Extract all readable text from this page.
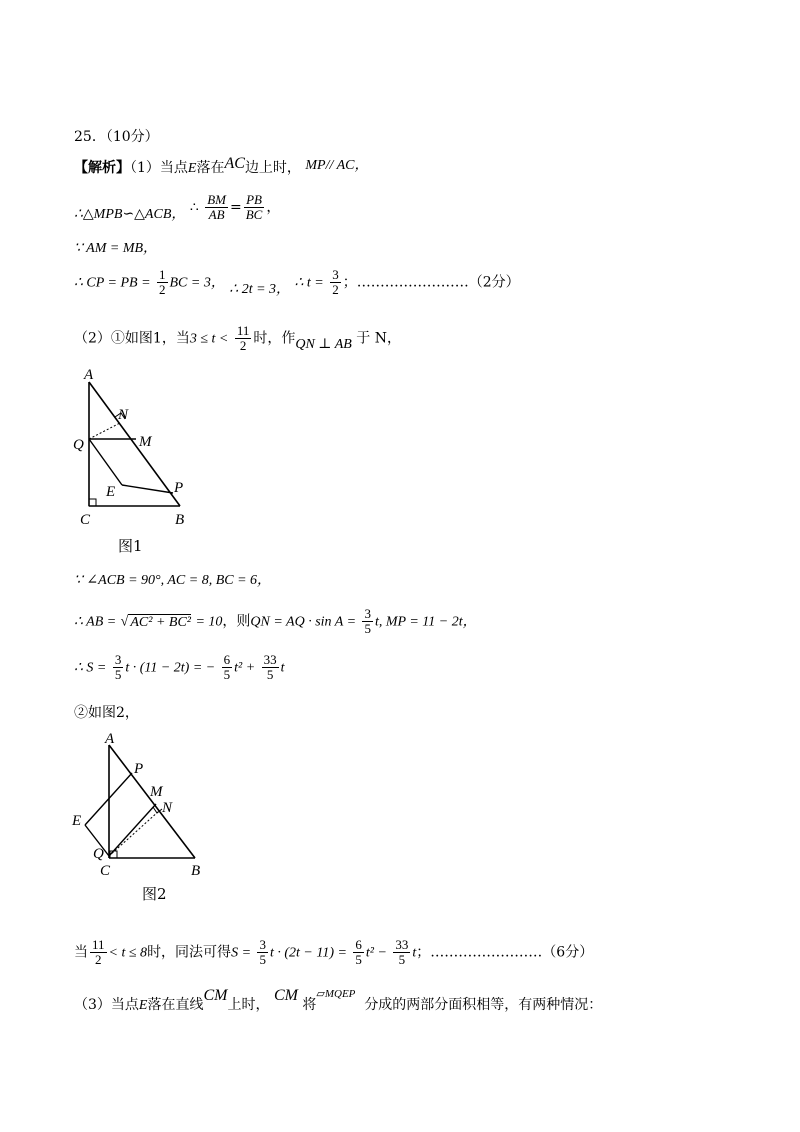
25．（10分）
【解析】（1）当点E落在AC边上时， MP// AC，
∴△MPB∽△ACB， ∴ $\frac{BM}{AB} = \frac{PB}{BC}$ ，
∵ AM = MB，
∴ CP = PB = $\frac{1}{2}$ BC = 3， ∴ 2t = 3， ∴ $t = \frac{3}{2}$ ；……………………（2分）
（2）①如图1，当$3 \le t < \frac{11}{2}$ 时，作QN ⊥ AB 于 N，
A
N
Q	M
E	P
C	B
图1
∵ ∠ACB = 90°, AC = 8, BC = 6，
∴ AB = √ AC² + BC² = 10，则QN = AQ · $\sin A = \frac{3}{5} t$, MP = 11 − 2t，
∴ $S = \frac{3}{5}$ t · (11 − 2t) = − $\frac{6}{5} t^2 + \frac{33}{5}$ t
②如图2，
A
P
M
N
E
Q
C	B
图2
当 $\frac{11}{2} < t \le 8$时，同法可得$S = \frac{3}{5}$ $t \cdot (2t - 11) = \frac{6}{5} t^2 - \frac{33}{5}$ t；……………………（6分）
（3）当点E落在直线CM上时， CM 将$^{▱MQEP}$  分成的两部分面积相等，有两种情况：
